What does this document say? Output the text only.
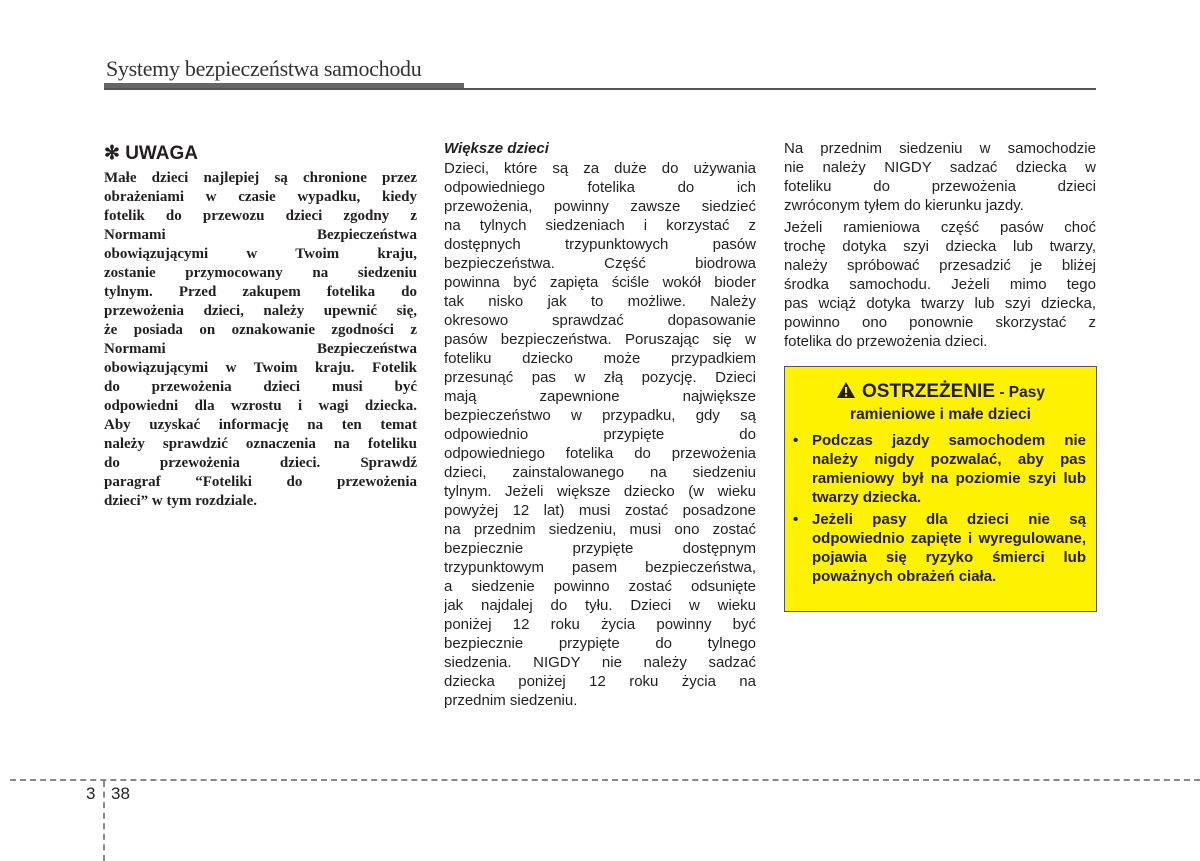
Systemy bezpieczeństwa samochodu
✻ UWAGA
Małe dzieci najlepiej są chronione przez
obrażeniami w czasie wypadku, kiedy
fotelik do przewozu dzieci zgodny z
Normami Bezpieczeństwa
obowiązującymi w Twoim kraju,
zostanie przymocowany na siedzeniu
tylnym. Przed zakupem fotelika do
przewożenia dzieci, należy upewnić się,
że posiada on oznakowanie zgodności z
Normami Bezpieczeństwa
obowiązującymi w Twoim kraju. Fotelik
do przewożenia dzieci musi być
odpowiedni dla wzrostu i wagi dziecka.
Aby uzyskać informację na ten temat
należy sprawdzić oznaczenia na foteliku
do przewożenia dzieci. Sprawdź
paragraf “Foteliki do przewożenia
dzieci” w tym rozdziale.
Większe dzieci
Dzieci, które są za duże do używania
odpowiedniego fotelika do ich
przewożenia, powinny zawsze siedzieć
na tylnych siedzeniach i korzystać z
dostępnych trzypunktowych pasów
bezpieczeństwa. Część biodrowa
powinna być zapięta ściśle wokół bioder
tak nisko jak to możliwe. Należy
okresowo sprawdzać dopasowanie
pasów bezpieczeństwa. Poruszając się w
foteliku dziecko może przypadkiem
przesunąć pas w złą pozycję. Dzieci
mają zapewnione największe
bezpieczeństwo w przypadku, gdy są
odpowiednio przypięte do
odpowiedniego fotelika do przewożenia
dzieci, zainstalowanego na siedzeniu
tylnym. Jeżeli większe dziecko (w wieku
powyżej 12 lat) musi zostać posadzone
na przednim siedzeniu, musi ono zostać
bezpiecznie przypięte dostępnym
trzypunktowym pasem bezpieczeństwa,
a siedzenie powinno zostać odsunięte
jak najdalej do tyłu. Dzieci w wieku
poniżej 12 roku życia powinny być
bezpiecznie przypięte do tylnego
siedzenia. NIGDY nie należy sadzać
dziecka poniżej 12 roku życia na
przednim siedzeniu.
Na przednim siedzeniu w samochodzie
nie należy NIGDY sadzać dziecka w
foteliku do przewożenia dzieci
zwróconym tyłem do kierunku jazdy.
Jeżeli ramieniowa część pasów choć
trochę dotyka szyi dziecka lub twarzy,
należy spróbować przesadzić je bliżej
środka samochodu. Jeżeli mimo tego
pas wciąż dotyka twarzy lub szyi dziecka,
powinno ono ponownie skorzystać z
fotelika do przewożenia dzieci.
OSTRZEŻENIE - Pasy
ramieniowe i małe dzieci
• Podczas jazdy samochodem nie należy nigdy pozwalać, aby pas ramieniowy był na poziomie szyi lub twarzy dziecka.
• Jeżeli pasy dla dzieci nie są odpowiednio zapięte i wyregulowane, pojawia się ryzyko śmierci lub poważnych obrażeń ciała.
3 38
